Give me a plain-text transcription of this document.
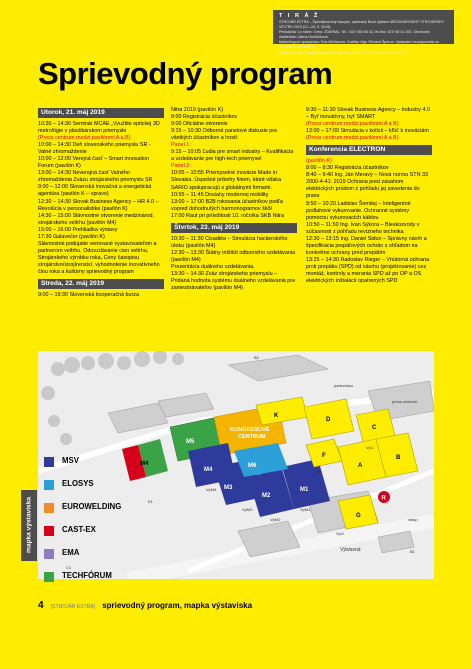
T I R Á Ž
STROJÁR EXTRA – Špecializovaný časopis, vydávaný Bock výstave MEDZINÁRODNÝ STROJÁRSKY VELTRH 2019 (21.–24. 5. 2019).
Periodicita: 1x ročne. Cena: ZDARMA. Tel.: 037/ 653 66 33, tel./fax: 037/ 65 31 406. Obchodné riaditeľstvo: Alena Horňáčková.
Marketingové spoluprácu: Eva Mečiarová. Grafika: Mgr. Richard Šperna. Vydavateľ nezodpovedá za pravdivosť a obsahové
náplň inzerátov. Nepredlo jazykovou úpravou. INZERÁTY SÚ AUTORIZOVANÉ.
Sprievodný program
Utorok, 21. máj 2019

10:30 – 14:30 Seminár MCAE „Využitie optickej 3D metrológie v plastikárskom priemysle

(Press centrum medzi pavilónmi A a B)

10:00 – 14:30 Deň slovenského priemyslu SR - Valné zhromaždenie

10:00 – 12:00 Verejná časť – Smart innovation Forum (pavilón K)

13:00 – 14:30 Neverejná časť Valného zhromaždenia Zväzu strojárskeho priemyslu SR

9:00 – 12:00 Slovenská inovačná a energetická agentúra (pavilón K – vpravo)

12:30 – 14:30 Slovak Business Agency – HR 4.0 – Revolúcia v personalistike (pavilón K)

14:30 – 15:00 Slávnostné otvorenie medzinárod. strojárskeho veltrhu (pavilón M4)

15:00 – 16:00 Prehliadka výstavy

17:30 Galavečer (pavilón K)

Slávnostné podujatie venované vystavovateľom a partnerom veltrhu. Odovzdávanie cien veltrhu, Strojárskeho výrobku roka, Ceny časopisu strojárstvo/strojírenství, vyhodnotenie Inovatívneho činu roka a kultúrny sprievodný program

Streda, 22. máj 2019

9:00 – 19:30 Slovenská kooperačná burza

Nitra 2019 (pavilón K)

8:00 Registrácia účastníkov

9:00 Oficiálne otvorenie

9:15 – 10:30 Odborné panelové diskusie pre všetkých účastníkov a hostí:

Panel 1:

9:15 – 10:05 Ľudia pre smart industry – Kvalifikácia a vzdelávanie pre high-tech priemysel

Panel 2:

10:05 – 10:55 Priemyselné inovácie Made in Slovakia. Úspešné príbehy firiem, ktoré vďaka SARIO spolupracujú s globálnymi firmami.

10:55 – 11:45 Dosiahy modernej mobility

13:00 – 17:00 B2B rokovania účastníkov podľa vopred dohodnutých harmonogramov škôl

17:00 Raut pri príležitosti 10. ročníka SKB Nitra

Štvrtok, 23. máj 2019

10:30 – 11:30 Cisadiéa – Simulácia hackerského útoku (pavilón M4)

12:30 – 13:30 Štátny inštitút odborného vzdelávania (pavilón M4)

Prezentácia duálneho vzdelávania.

13:30 – 14:30 Zväz strojárskeho priemyslu – Pridaná hodnota systému duálneho vzdelávania pre zamestnávateľov (pavilón M4)

9:30 – 11:30 Slovak Business Agency – Industry 4.0 – Byť inovatívny, byť SMART

(Press centrum medzi pavilónmi A a B)

13:00 – 17:00 Simulácia v kolízii – kľúč k inováciám

(Press centrum medzi pavilónmi A a B)

Konferencia ELECTRON

(pavilón K)

8:00 – 8:30 Registrácia účastníkov

8:40 – 9:40 Ing. Ján Meravý – Nová norma STN 33 2000-4-41: 2019 Ochrana pred zásahom elektrických prúdom z pohľadu jej zavedenia do praxe

9:50 – 10:20 Ladislav Šemšej – Inteligentné podlahové vykurovanie. Ochranné systémy pomocou vykurovacích káblov.

10:50 – 11:50 Ing. Ivan Sýkora – Bleskozvody v súčasnosti z pohľadu revízneho technika

12:30 – 13:15 Ing. Daniel Sidun – Správny návrh a špecifikácia prepäťových ochrán s ohľadom na konkrétne ochrany pred prepätím

13:25 – 14:30 Radoslav Rieger – Vnútorná ochrana proti prepätiu (SPD) od návrhu (projektovanie) cez montáž, kontroly a merania SPD až po OP a OS elektrických inštalácií opatrených SPD

M5
M4
M3
M2
M1
M6
M4
KONGRESOVÉ
CENTRUM
K
D
C
A
B
F
G
R
B2
B1
C1
K1
VpM4
VpM3
VpM2
VpM1
VpG
VpF
VpC
press centrum
vstup
Výstavná
parkovisko
MSV
ELOSYS
EUROWELDING
CAST-EX
EMA
TECHFÓRUM
mapka výstaviska
4 [STROJÁR EXTRA] sprievodný program, mapka výstaviska
